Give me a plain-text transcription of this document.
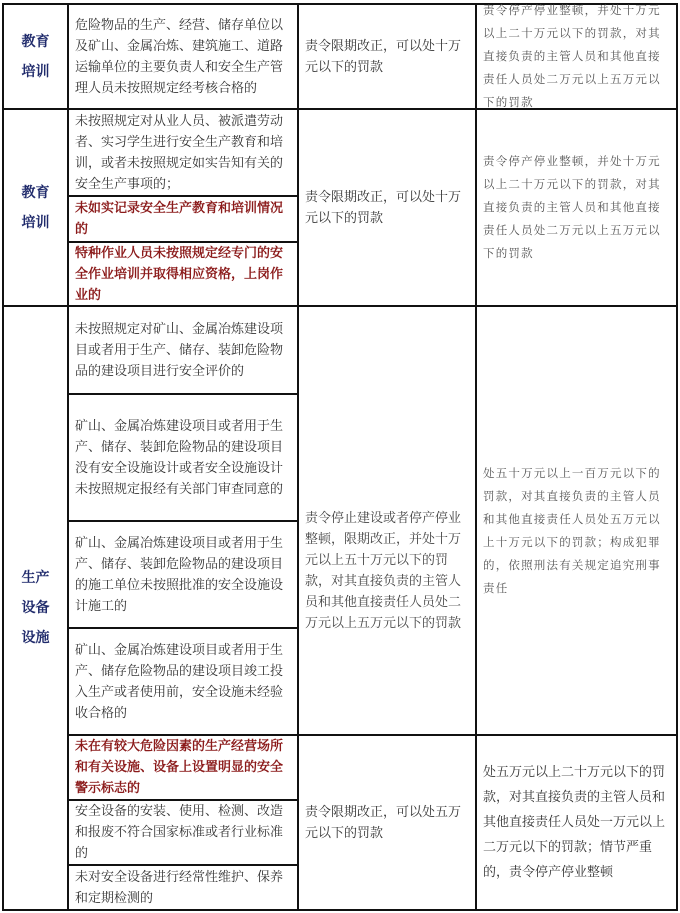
教育
培训
危险物品的生产、经营、储存单位以及矿山、金属冶炼、建筑施工、道路运输单位的主要负责人和安全生产管理人员未按照规定经考核合格的
责令限期改正，可以处十万元以下的罚款
责令停产停业整顿，并处十万元以上二十万元以下的罚款，对其直接负责的主管人员和其他直接责任人员处二万元以上五万元以下的罚款
教育
培训
未按照规定对从业人员、被派遣劳动者、实习学生进行安全生产教育和培训，或者未按照规定如实告知有关的安全生产事项的；
未如实记录安全生产教育和培训情况的
特种作业人员未按照规定经专门的安全作业培训并取得相应资格，上岗作业的
责令限期改正，可以处十万元以下的罚款
责令停产停业整顿，并处十万元以上二十万元以下的罚款，对其直接负责的主管人员和其他直接责任人员处二万元以上五万元以下的罚款
生产
设备
设施
未按照规定对矿山、金属冶炼建设项目或者用于生产、储存、装卸危险物品的建设项目进行安全评价的
矿山、金属冶炼建设项目或者用于生产、储存、装卸危险物品的建设项目没有安全设施设计或者安全设施设计未按照规定报经有关部门审查同意的
矿山、金属冶炼建设项目或者用于生产、储存、装卸危险物品的建设项目的施工单位未按照批准的安全设施设计施工的
矿山、金属冶炼建设项目或者用于生产、储存危险物品的建设项目竣工投入生产或者使用前，安全设施未经验收合格的
未在有较大危险因素的生产经营场所和有关设施、设备上设置明显的安全警示标志的
安全设备的安装、使用、检测、改造和报废不符合国家标准或者行业标准的
未对安全设备进行经常性维护、保养和定期检测的
责令停止建设或者停产停业整顿，限期改正，并处十万元以上五十万元以下的罚款，对其直接负责的主管人员和其他直接责任人员处二万元以上五万元以下的罚款
处五十万元以上一百万元以下的罚款，对其直接负责的主管人员和其他直接责任人员处五万元以上十万元以下的罚款；构成犯罪的，依照刑法有关规定追究刑事责任
责令限期改正，可以处五万元以下的罚款
处五万元以上二十万元以下的罚款，对其直接负责的主管人员和其他直接责任人员处一万元以上二万元以下的罚款；情节严重的，责令停产停业整顿
